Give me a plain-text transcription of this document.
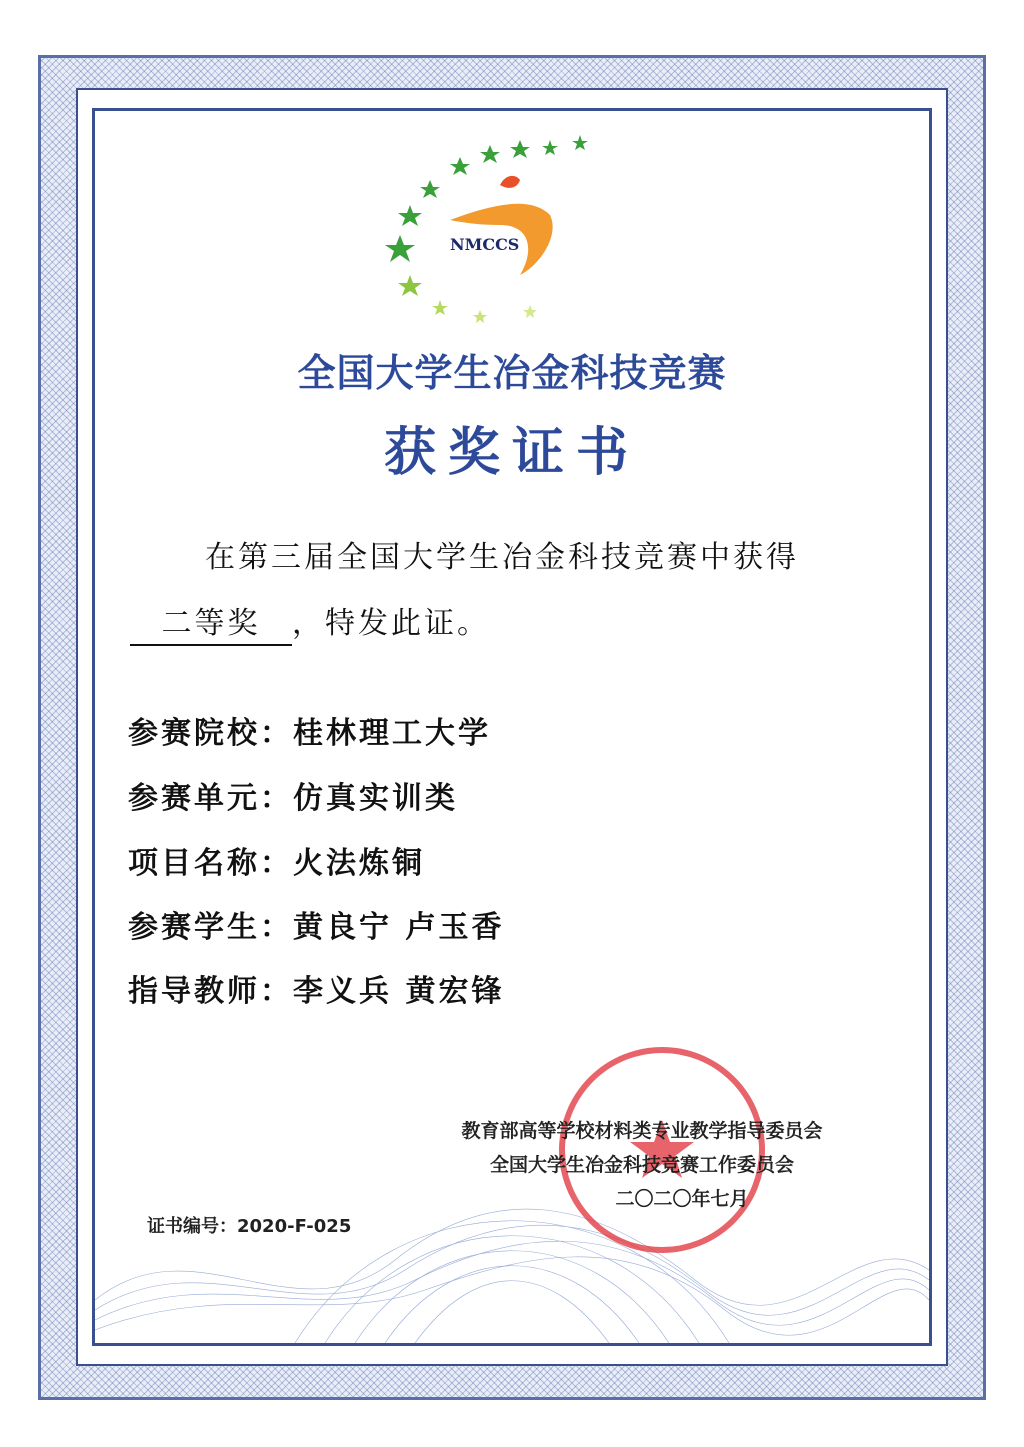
NMCCS
全国大学生冶金科技竞赛
获奖证书
在第三届全国大学生冶金科技竞赛中获得
二等奖 ，特发此证。
参赛院校：桂林理工大学
参赛单元：仿真实训类
项目名称：火法炼铜
参赛学生：黄良宁 卢玉香
指导教师：李义兵 黄宏锋
教育部高等学校材料类专业教学指导委员会
全国大学生冶金科技竞赛工作委员会
二〇二〇年七月
证书编号：2020-F-025
